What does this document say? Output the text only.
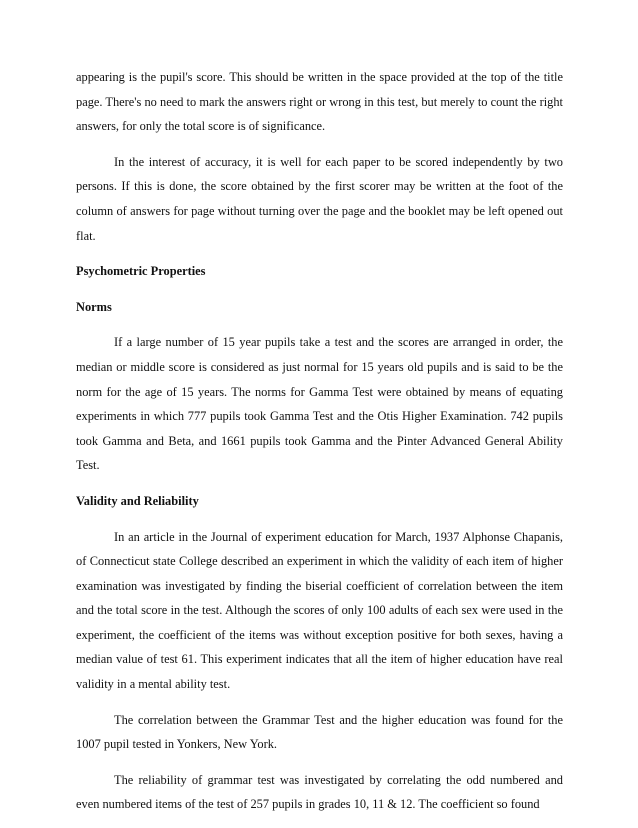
appearing is the pupil's score. This should be written in the space provided at the top of the title page. There's no need to mark the answers right or wrong in this test, but merely to count the right answers, for only the total score is of significance.

In the interest of accuracy, it is well for each paper to be scored independently by two persons. If this is done, the score obtained by the first scorer may be written at the foot of the column of answers for page without turning over the page and the booklet may be left opened out flat.

Psychometric Properties

Norms

If a large number of 15 year pupils take a test and the scores are arranged in order, the median or middle score is considered as just normal for 15 years old pupils and is said to be the norm for the age of 15 years. The norms for Gamma Test were obtained by means of equating experiments in which 777 pupils took Gamma Test and the Otis Higher Examination. 742 pupils took Gamma and Beta, and 1661 pupils took Gamma and the Pinter Advanced General Ability Test.

Validity and Reliability

In an article in the Journal of experiment education for March, 1937 Alphonse Chapanis, of Connecticut state College described an experiment in which the validity of each item of higher examination was investigated by finding the biserial coefficient of correlation between the item and the total score in the test. Although the scores of only 100 adults of each sex were used in the experiment, the coefficient of the items was without exception positive for both sexes, having a median value of test 61. This experiment indicates that all the item of higher education have real validity in a mental ability test.

The correlation between the Grammar Test and the higher education was found for the 1007 pupil tested in Yonkers, New York.

The reliability of grammar test was investigated by correlating the odd numbered and even numbered items of the test of 257 pupils in grades 10, 11 & 12. The coefficient so found
